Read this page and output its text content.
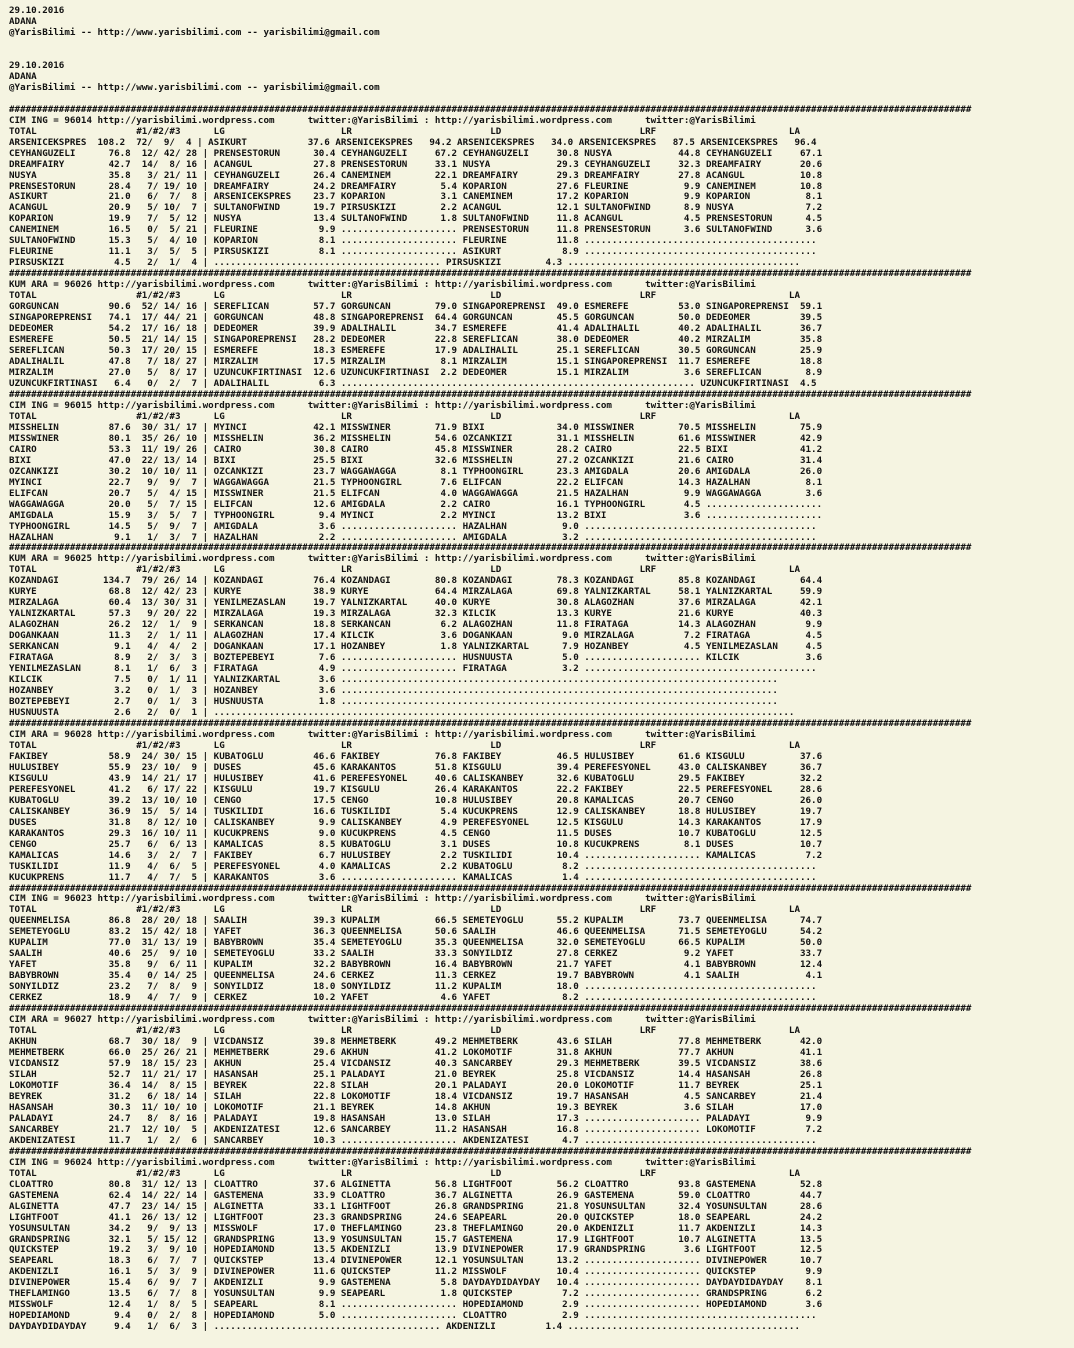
29.10.2016
ADANA
@YarisBilimi -- http://www.yarisbilimi.com -- yarisbilimi@gmail.com

29.10.2016
ADANA
@YarisBilimi -- http://www.yarisbilimi.com -- yarisbilimi@gmail.com

##############################################################################################################################################################################
CIM ING = 96014 http://yarisbilimi.wordpress.com      twitter:@YarisBilimi : http://yarisbilimi.wordpress.com      twitter:@YarisBilimi
TOTAL                  #1/#2/#3      LG                     LR                         LD                         LRF                        LA
ARSENICEKSPRES  108.2  72/  9/  4 | ASIKURT           37.6 ARSENICEKSPRES   94.2 ARSENICEKSPRES   34.0 ARSENICEKSPRES   87.5 ARSENICEKSPRES   96.4
CEYHANGUZELI      76.8  12/ 42/ 28 | PRENSESTORUN      30.4 CEYHANGUZELI     67.2 CEYHANGUZELI     30.8 NUSYA            44.8 CEYHANGUZELI     67.1
DREAMFAIRY        42.7  14/  8/ 16 | ACANGUL           27.8 PRENSESTORUN     33.1 NUSYA            29.3 CEYHANGUZELI     32.3 DREAMFAIRY       20.6
NUSYA             35.8   3/ 21/ 11 | CEYHANGUZELI      26.4 CANEMINEM        22.1 DREAMFAIRY       29.3 DREAMFAIRY       27.8 ACANGUL          10.8
PRENSESTORUN      28.4   7/ 19/ 10 | DREAMFAIRY        24.2 DREAMFAIRY        5.4 KOPARION         27.6 FLEURINE          9.9 CANEMINEM        10.8
ASIKURT           21.0   6/  7/  8 | ARSENICEKSPRES    23.7 KOPARION          3.1 CANEMINEM        17.2 KOPARION          9.9 KOPARION          8.1
ACANGUL           20.9   5/ 10/  7 | SULTANOFWIND      19.7 PIRSUSKIZI        2.2 ACANGUL          12.1 SULTANOFWIND      8.9 NUSYA             7.2
KOPARION          19.9   7/  5/ 12 | NUSYA             13.4 SULTANOFWIND      1.8 SULTANOFWIND     11.8 ACANGUL           4.5 PRENSESTORUN      4.5
CANEMINEM         16.5   0/  5/ 21 | FLEURINE           9.9 ..................... PRENSESTORUN     11.8 PRENSESTORUN      3.6 SULTANOFWIND      3.6
SULTANOFWIND      15.3   5/  4/ 10 | KOPARION           8.1 ..................... FLEURINE         11.8 ..........................................
FLEURINE          11.1   3/  5/  5 | PIRSUSKIZI         8.1 ..................... ASIKURT           8.9 ..........................................
PIRSUSKIZI         4.5   2/  1/  4 | ......................................... PIRSUSKIZI        4.3 ..........................................
##############################################################################################################################################################################
KUM ARA = 96026 http://yarisbilimi.wordpress.com      twitter:@YarisBilimi : http://yarisbilimi.wordpress.com      twitter:@YarisBilimi
TOTAL                  #1/#2/#3      LG                     LR                         LD                         LRF                        LA
GORGUNCAN         90.6  52/ 14/ 16 | SEREFLICAN        57.7 GORGUNCAN        79.0 SINGAPOREPRENSI  49.0 ESMEREFE         53.0 SINGAPOREPRENSI  59.1
SINGAPOREPRENSI   74.1  17/ 44/ 21 | GORGUNCAN         48.8 SINGAPOREPRENSI  64.4 GORGUNCAN        45.5 GORGUNCAN        50.0 DEDEOMER         39.5
DEDEOMER          54.2  17/ 16/ 18 | DEDEOMER          39.9 ADALIHALIL       34.7 ESMEREFE         41.4 ADALIHALIL       40.2 ADALIHALIL       36.7
ESMEREFE          50.5  21/ 14/ 15 | SINGAPOREPRENSI   28.2 DEDEOMER         22.8 SEREFLICAN       38.0 DEDEOMER         40.2 MIRZALIM         35.8
SEREFLICAN        50.3  17/ 20/ 15 | ESMEREFE          18.3 ESMEREFE         17.9 ADALIHALIL       25.1 SEREFLICAN       30.5 GORGUNCAN        25.9
ADALIHALIL        47.8   7/ 18/ 27 | MIRZALIM          17.5 MIRZALIM          8.1 MIRZALIM         15.1 SINGAPOREPRENSI  11.7 ESMEREFE         18.8
MIRZALIM          27.0   5/  8/ 17 | UZUNCUKFIRTINASI  12.6 UZUNCUKFIRTINASI  2.2 DEDEOMER         15.1 MIRZALIM          3.6 SEREFLICAN        8.9
UZUNCUKFIRTINASI   6.4   0/  2/  7 | ADALIHALIL         6.3 ................................................................ UZUNCUKFIRTINASI  4.5
##############################################################################################################################################################################
CIM ING = 96015 http://yarisbilimi.wordpress.com      twitter:@YarisBilimi : http://yarisbilimi.wordpress.com      twitter:@YarisBilimi
TOTAL                  #1/#2/#3      LG                     LR                         LD                         LRF                        LA
MISSHELIN         87.6  30/ 31/ 17 | MYINCI            42.1 MISSWINER        71.9 BIXI             34.0 MISSWINER        70.5 MISSHELIN        75.9
MISSWINER         80.1  35/ 26/ 10 | MISSHELIN         36.2 MISSHELIN        54.6 OZCANKIZI        31.1 MISSHELIN        61.6 MISSWINER        42.9
CAIRO             53.3  11/ 19/ 26 | CAIRO             30.8 CAIRO            45.8 MISSWINER        28.2 CAIRO            22.5 BIXI             41.2
BIXI              47.0  22/ 13/ 14 | BIXI              25.5 BIXI             32.6 MISSHELIN        27.2 OZCANKIZI        21.6 CAIRO            31.4
OZCANKIZI         30.2  10/ 10/ 11 | OZCANKIZI         23.7 WAGGAWAGGA        8.1 TYPHOONGIRL      23.3 AMIGDALA         20.6 AMIGDALA         26.0
MYINCI            22.7   9/  9/  7 | WAGGAWAGGA        21.5 TYPHOONGIRL       7.6 ELIFCAN          22.2 ELIFCAN          14.3 HAZALHAN          8.1
ELIFCAN           20.7   5/  4/ 15 | MISSWINER         21.5 ELIFCAN           4.0 WAGGAWAGGA       21.5 HAZALHAN          9.9 WAGGAWAGGA        3.6
WAGGAWAGGA        20.0   5/  7/ 15 | ELIFCAN           12.6 AMIGDALA          2.2 CAIRO            16.1 TYPHOONGIRL       4.5 .....................
AMIGDALA          15.9   3/  5/  7 | TYPHOONGIRL        9.4 MYINCI            2.2 MYINCI           13.2 BIXI              3.6 .....................
TYPHOONGIRL       14.5   5/  9/  7 | AMIGDALA           3.6 ..................... HAZALHAN          9.0 ..........................................
HAZALHAN           9.1   1/  3/  7 | HAZALHAN           2.2 ..................... AMIGDALA          3.2 ..........................................
##############################################################################################################################################################################
KUM ARA = 96025 http://yarisbilimi.wordpress.com      twitter:@YarisBilimi : http://yarisbilimi.wordpress.com      twitter:@YarisBilimi
TOTAL                  #1/#2/#3      LG                     LR                         LD                         LRF                        LA
KOZANDAGI        134.7  79/ 26/ 14 | KOZANDAGI         76.4 KOZANDAGI        80.8 KOZANDAGI        78.3 KOZANDAGI        85.8 KOZANDAGI        64.4
KURYE             68.8  12/ 42/ 23 | KURYE             38.9 KURYE            64.4 MIRZALAGA        69.8 YALNIZKARTAL     58.1 YALNIZKARTAL     59.9
MIRZALAGA         60.4  13/ 30/ 31 | YENILMEZASLAN     19.7 YALNIZKARTAL     40.0 KURYE            30.8 ALAGOZHAN        37.6 MIRZALAGA        42.1
YALNIZKARTAL      57.3   9/ 20/ 22 | MIRZALAGA         19.3 MIRZALAGA        32.3 KILCIK           13.3 KURYE            21.6 KURYE            40.3
ALAGOZHAN         26.2  12/  1/  9 | SERKANCAN         18.8 SERKANCAN         6.2 ALAGOZHAN        11.8 FIRATAGA         14.3 ALAGOZHAN         9.9
DOGANKAAN         11.3   2/  1/ 11 | ALAGOZHAN         17.4 KILCIK            3.6 DOGANKAAN         9.0 MIRZALAGA         7.2 FIRATAGA          4.5
SERKANCAN          9.1   4/  4/  2 | DOGANKAAN         17.1 HOZANBEY          1.8 YALNIZKARTAL      7.9 HOZANBEY          4.5 YENILMEZASLAN     4.5
FIRATAGA           8.9   2/  3/  3 | BOZTEPEBEYI        7.6 ..................... HUSNUUSTA         5.0 ..................... KILCIK            3.6
YENILMEZASLAN      8.1   1/  6/  3 | FIRATAGA           4.9 ..................... FIRATAGA          3.2 ..........................................
KILCIK             7.5   0/  1/ 11 | YALNIZKARTAL       3.6 ...............................................................................
HOZANBEY           3.2   0/  1/  3 | HOZANBEY           3.6 ...............................................................................
BOZTEPEBEYI        2.7   0/  1/  3 | HUSNUUSTA          1.8 ...............................................................................
HUSNUUSTA          2.6   2/  0/  1 | .........................................................................................................
##############################################################################################################################################################################
CIM ARA = 96028 http://yarisbilimi.wordpress.com      twitter:@YarisBilimi : http://yarisbilimi.wordpress.com      twitter:@YarisBilimi
TOTAL                  #1/#2/#3      LG                     LR                         LD                         LRF                        LA
FAKIBEY           58.9  24/ 30/ 15 | KUBATOGLU         46.6 FAKIBEY          76.8 FAKIBEY          46.5 HULUSIBEY        61.6 KISGULU          37.6
HULUSIBEY         55.9  23/ 10/  9 | DUSES             45.6 KARAKANTOS       51.8 KISGULU          39.4 PEREFESYONEL     43.0 CALISKANBEY      36.7
KISGULU           43.9  14/ 21/ 17 | HULUSIBEY         41.6 PEREFESYONEL     40.6 CALISKANBEY      32.6 KUBATOGLU        29.5 FAKIBEY          32.2
PEREFESYONEL      41.2   6/ 17/ 22 | KISGULU           19.7 KISGULU          26.4 KARAKANTOS       22.2 FAKIBEY          22.5 PEREFESYONEL     28.6
KUBATOGLU         39.2  13/ 10/ 10 | CENGO             17.5 CENGO            10.8 HULUSIBEY        20.8 KAMALICAS        20.7 CENGO            26.0
CALISKANBEY       36.9  15/  5/ 14 | TUSKILIDI         16.6 TUSKILIDI         5.4 KUCUKPRENS       12.9 CALISKANBEY      18.8 HULUSIBEY        19.7
DUSES             31.8   8/ 12/ 10 | CALISKANBEY        9.9 CALISKANBEY       4.9 PEREFESYONEL     12.5 KISGULU          14.3 KARAKANTOS       17.9
KARAKANTOS        29.3  16/ 10/ 11 | KUCUKPRENS         9.0 KUCUKPRENS        4.5 CENGO            11.5 DUSES            10.7 KUBATOGLU        12.5
CENGO             25.7   6/  6/ 13 | KAMALICAS          8.5 KUBATOGLU         3.1 DUSES            10.8 KUCUKPRENS        8.1 DUSES            10.7
KAMALICAS         14.6   3/  2/  7 | FAKIBEY            6.7 HULUSIBEY         2.2 TUSKILIDI        10.4 ..................... KAMALICAS         7.2
TUSKILIDI         11.9   4/  6/  5 | PEREFESYONEL       4.0 KAMALICAS         2.2 KUBATOGLU         8.2 ..........................................
KUCUKPRENS        11.7   4/  7/  5 | KARAKANTOS         3.6 ..................... KAMALICAS         1.4 ..........................................
##############################################################################################################################################################################
CIM ING = 96023 http://yarisbilimi.wordpress.com      twitter:@YarisBilimi : http://yarisbilimi.wordpress.com      twitter:@YarisBilimi
TOTAL                  #1/#2/#3      LG                     LR                         LD                         LRF                        LA
QUEENMELISA       86.8  28/ 20/ 18 | SAALIH            39.3 KUPALIM          66.5 SEMETEYOGLU      55.2 KUPALIM          73.7 QUEENMELISA      74.7
SEMETEYOGLU       83.2  15/ 42/ 18 | YAFET             36.3 QUEENMELISA      50.6 SAALIH           46.6 QUEENMELISA      71.5 SEMETEYOGLU      54.2
KUPALIM           77.0  31/ 13/ 19 | BABYBROWN         35.4 SEMETEYOGLU      35.3 QUEENMELISA      32.0 SEMETEYOGLU      66.5 KUPALIM          50.0
SAALIH            40.6  25/  9/ 10 | SEMETEYOGLU       33.2 SAALIH           33.3 SONYILDIZ        27.8 CERKEZ            9.2 YAFET            33.7
YAFET             35.8   9/  6/ 11 | KUPALIM           32.2 BABYBROWN        16.4 BABYBROWN        21.7 YAFET             4.1 BABYBROWN        12.4
BABYBROWN         35.4   0/ 14/ 25 | QUEENMELISA       24.6 CERKEZ           11.3 CERKEZ           19.7 BABYBROWN         4.1 SAALIH            4.1
SONYILDIZ         23.2   7/  8/  9 | SONYILDIZ         18.0 SONYILDIZ        11.2 KUPALIM          18.0 ..........................................
CERKEZ            18.9   4/  7/  9 | CERKEZ            10.2 YAFET             4.6 YAFET             8.2 ..........................................
##############################################################################################################################################################################
CIM ARA = 96027 http://yarisbilimi.wordpress.com      twitter:@YarisBilimi : http://yarisbilimi.wordpress.com      twitter:@YarisBilimi
TOTAL                  #1/#2/#3      LG                     LR                         LD                         LRF                        LA
AKHUN             68.7  30/ 18/  9 | VICDANSIZ         39.8 MEHMETBERK       49.2 MEHMETBERK       43.6 SILAH            77.8 MEHMETBERK       42.0
MEHMETBERK        66.0  25/ 26/ 21 | MEHMETBERK        29.6 AKHUN            41.2 LOKOMOTIF        31.8 AKHUN            77.7 AKHUN            41.1
VICDANSIZ         57.9  18/ 15/ 23 | AKHUN             25.4 VICDANSIZ        40.3 SANCARBEY        29.3 MEHMETBERK       39.5 VICDANSIZ        38.6
SILAH             52.7  11/ 21/ 17 | HASANSAH          25.1 PALADAYI         21.0 BEYREK           25.8 VICDANSIZ        14.4 HASANSAH         26.8
LOKOMOTIF         36.4  14/  8/ 15 | BEYREK            22.8 SILAH            20.1 PALADAYI         20.0 LOKOMOTIF        11.7 BEYREK           25.1
BEYREK            31.2   6/ 18/ 14 | SILAH             22.8 LOKOMOTIF        18.4 VICDANSIZ        19.7 HASANSAH          4.5 SANCARBEY        21.4
HASANSAH          30.3  11/ 10/ 10 | LOKOMOTIF         21.1 BEYREK           14.8 AKHUN            19.3 BEYREK            3.6 SILAH            17.0
PALADAYI          24.7   8/  8/ 16 | PALADAYI          19.8 HASANSAH         13.0 SILAH            17.3 ..................... PALADAYI          9.9
SANCARBEY         21.7  12/ 10/  5 | AKDENIZATESI      12.6 SANCARBEY        11.2 HASANSAH         16.8 ..................... LOKOMOTIF         7.2
AKDENIZATESI      11.7   1/  2/  6 | SANCARBEY         10.3 ..................... AKDENIZATESI      4.7 ..........................................
##############################################################################################################################################################################
CIM ING = 96024 http://yarisbilimi.wordpress.com      twitter:@YarisBilimi : http://yarisbilimi.wordpress.com      twitter:@YarisBilimi
TOTAL                  #1/#2/#3      LG                     LR                         LD                         LRF                        LA
CLOATTRO          80.8  31/ 12/ 13 | CLOATTRO          37.6 ALGINETTA        56.8 LIGHTFOOT        56.2 CLOATTRO         93.8 GASTEMENA        52.8
GASTEMENA         62.4  14/ 22/ 14 | GASTEMENA         33.9 CLOATTRO         36.7 ALGINETTA        26.9 GASTEMENA        59.0 CLOATTRO         44.7
ALGINETTA         47.7  23/ 14/ 15 | ALGINETTA         33.1 LIGHTFOOT        26.8 GRANDSPRING      21.8 YOSUNSULTAN      32.4 YOSUNSULTAN      28.6
LIGHTFOOT         41.1  26/ 13/ 12 | LIGHTFOOT         23.3 GRANDSPRING      24.6 SEAPEARL         20.0 QUICKSTEP        18.0 SEAPEARL         24.2
YOSUNSULTAN       34.2   9/  9/ 13 | MISSWOLF          17.0 THEFLAMINGO      23.8 THEFLAMINGO      20.0 AKDENIZLI        11.7 AKDENIZLI        14.3
GRANDSPRING       32.1   5/ 15/ 12 | GRANDSPRING       13.9 YOSUNSULTAN      15.7 GASTEMENA        17.9 LIGHTFOOT        10.7 ALGINETTA        13.5
QUICKSTEP         19.2   3/  9/ 10 | HOPEDIAMOND       13.5 AKDENIZLI        13.9 DIVINEPOWER      17.9 GRANDSPRING       3.6 LIGHTFOOT        12.5
SEAPEARL          18.3   6/  7/  7 | QUICKSTEP         13.4 DIVINEPOWER      12.1 YOSUNSULTAN      13.2 ..................... DIVINEPOWER      10.7
AKDENIZLI         16.1   5/  3/  9 | DIVINEPOWER       11.6 QUICKSTEP        11.2 MISSWOLF         10.4 ..................... QUICKSTEP         9.9
DIVINEPOWER       15.4   6/  9/  7 | AKDENIZLI          9.9 GASTEMENA         5.8 DAYDAYDIDAYDAY   10.4 ..................... DAYDAYDIDAYDAY    8.1
THEFLAMINGO       13.5   6/  7/  8 | YOSUNSULTAN        9.9 SEAPEARL          1.8 QUICKSTEP         7.2 ..................... GRANDSPRING       6.2
MISSWOLF          12.4   1/  8/  5 | SEAPEARL           8.1 ..................... HOPEDIAMOND       2.9 ..................... HOPEDIAMOND       3.6
HOPEDIAMOND        9.4   0/  2/  8 | HOPEDIAMOND        5.0 ..................... CLOATTRO          2.9 ..........................................
DAYDAYDIDAYDAY     9.4   1/  6/  3 | ......................................... AKDENIZLI         1.4 ..........................................
